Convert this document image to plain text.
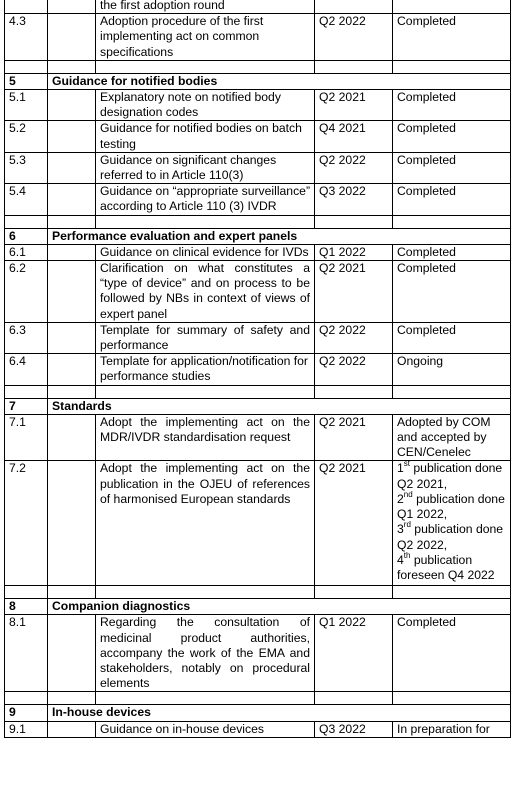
		the first adoption round		
4.3		Adoption procedure of the first implementing act on common specifications	Q2 2022	Completed

5	Guidance for notified bodies			
5.1		Explanatory note on notified body designation codes	Q2 2021	Completed
5.2		Guidance for notified bodies on batch testing	Q4 2021	Completed
5.3		Guidance on significant changes referred to in Article 110(3)	Q2 2022	Completed
5.4		Guidance on “appropriate surveillance” according to Article 110 (3) IVDR	Q3 2022	Completed

6	Performance evaluation and expert panels			
6.1		Guidance on clinical evidence for IVDs	Q1 2022	Completed
6.2		Clarification on what constitutes a “type of device” and on process to be followed by NBs in context of views of expert panel	Q2 2021	Completed
6.3		Template for summary of safety and performance	Q2 2022	Completed
6.4		Template for application/notification for performance studies	Q2 2022	Ongoing

7	Standards			
7.1		Adopt the implementing act on the MDR/IVDR standardisation request	Q2 2021	Adopted by COM and accepted by CEN/Cenelec
7.2		Adopt the implementing act on the publication in the OJEU of references of harmonised European standards	Q2 2021	1st publication done Q2 2021,
2nd publication done Q1 2022,
3rd publication done Q2 2022,
4th publication foreseen Q4 2022

8	Companion diagnostics			
8.1		Regarding the consultation of medicinal product authorities, accompany the work of the EMA and stakeholders, notably on procedural elements	Q1 2022	Completed

9	In-house devices			
9.1		Guidance on in-house devices	Q3 2022	In preparation for
